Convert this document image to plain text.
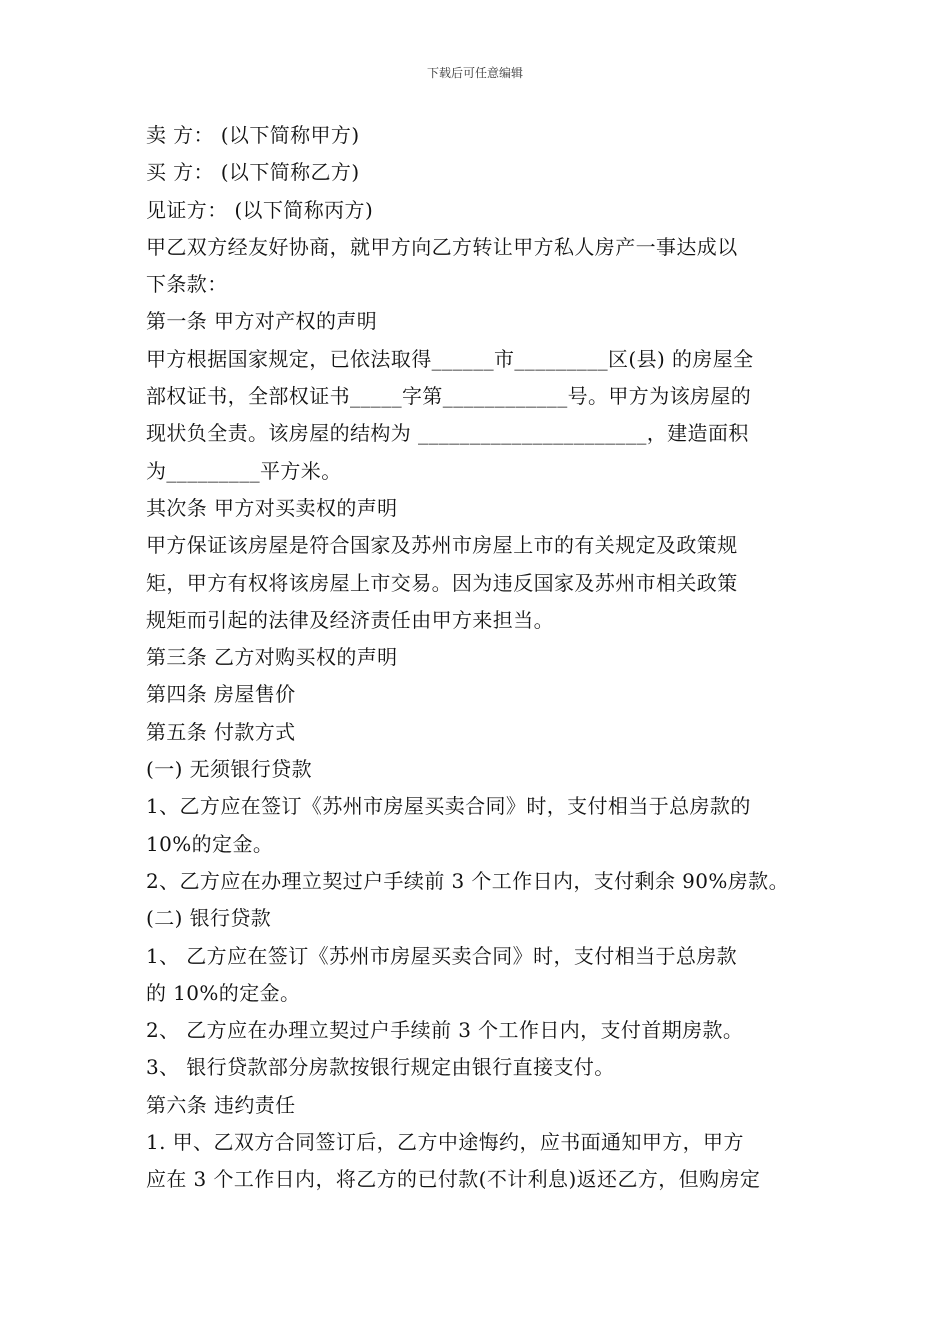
下载后可任意编辑

卖 方： (以下简称甲方)

买 方： (以下简称乙方)

见证方： (以下简称丙方)

甲乙双方经友好协商，就甲方向乙方转让甲方私人房产一事达成以

下条款：

第一条 甲方对产权的声明

甲方根据国家规定，已依法取得______市_________区(县) 的房屋全

部权证书，全部权证书_____字第____________号。甲方为该房屋的

现状负全责。该房屋的结构为 ______________________，建造面积

为_________平方米。

其次条 甲方对买卖权的声明

甲方保证该房屋是符合国家及苏州市房屋上市的有关规定及政策规

矩，甲方有权将该房屋上市交易。因为违反国家及苏州市相关政策

规矩而引起的法律及经济责任由甲方来担当。

第三条 乙方对购买权的声明

第四条 房屋售价

第五条 付款方式

(一) 无须银行贷款

1、乙方应在签订《苏州市房屋买卖合同》时，支付相当于总房款的

10%的定金。

2、乙方应在办理立契过户手续前 3 个工作日内，支付剩余 90%房款。

(二) 银行贷款

1、 乙方应在签订《苏州市房屋买卖合同》时，支付相当于总房款

的 10%的定金。

2、 乙方应在办理立契过户手续前 3 个工作日内，支付首期房款。

3、 银行贷款部分房款按银行规定由银行直接支付。

第六条 违约责任

1. 甲、乙双方合同签订后，乙方中途悔约，应书面通知甲方，甲方

应在 3 个工作日内，将乙方的已付款(不计利息)返还乙方，但购房定
